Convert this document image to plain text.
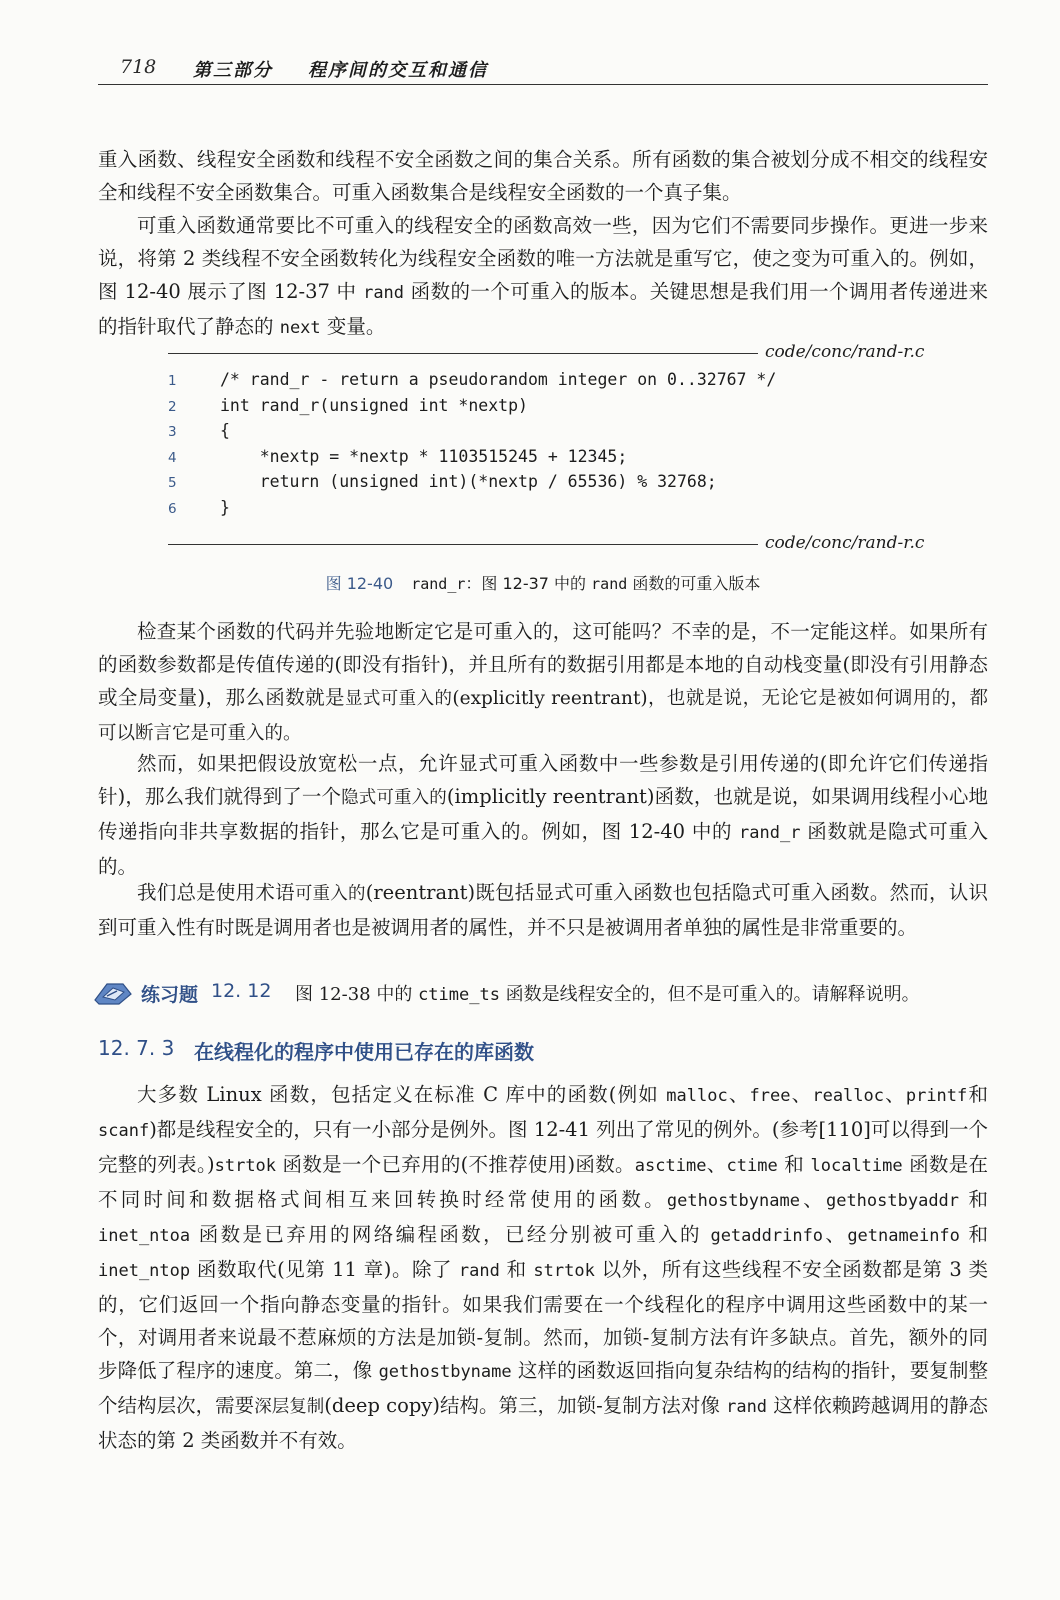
718 第三部分 程序间的交互和通信

重入函数、线程安全函数和线程不安全函数之间的集合关系。所有函数的集合被划分成不相交的线程安全和线程不安全函数集合。可重入函数集合是线程安全函数的一个真子集。

可重入函数通常要比不可重入的线程安全的函数高效一些，因为它们不需要同步操作。更进一步来说，将第 2 类线程不安全函数转化为线程安全函数的唯一方法就是重写它，使之变为可重入的。例如，图 12-40 展示了图 12-37 中 rand 函数的一个可重入的版本。关键思想是我们用一个调用者传递进来的指针取代了静态的 next 变量。

code/conc/rand-r.c
1	/* rand_r - return a pseudorandom integer on 0..32767 */
2	int rand_r(unsigned int *nextp)
3	{
4	*nextp = *nextp * 1103515245 + 12345;
5	return (unsigned int)(*nextp / 65536) % 32768;
6	}
code/conc/rand-r.c
图 12-40 rand_r：图 12-37 中的 rand 函数的可重入版本

检查某个函数的代码并先验地断定它是可重入的，这可能吗？不幸的是，不一定能这样。如果所有的函数参数都是传值传递的(即没有指针)，并且所有的数据引用都是本地的自动栈变量(即没有引用静态或全局变量)，那么函数就是显式可重入的(explicitly reentrant)，也就是说，无论它是被如何调用的，都可以断言它是可重入的。

然而，如果把假设放宽松一点，允许显式可重入函数中一些参数是引用传递的(即允许它们传递指针)，那么我们就得到了一个隐式可重入的(implicitly reentrant)函数，也就是说，如果调用线程小心地传递指向非共享数据的指针，那么它是可重入的。例如，图 12-40 中的 rand_r 函数就是隐式可重入的。

我们总是使用术语可重入的(reentrant)既包括显式可重入函数也包括隐式可重入函数。然而，认识到可重入性有时既是调用者也是被调用者的属性，并不只是被调用者单独的属性是非常重要的。

练习题 12. 12 图 12-38 中的 ctime_ts 函数是线程安全的，但不是可重入的。请解释说明。
12. 7. 3 在线程化的程序中使用已存在的库函数

大多数 Linux 函数，包括定义在标准 C 库中的函数(例如 malloc、free、realloc、printf和 scanf)都是线程安全的，只有一小部分是例外。图 12-41 列出了常见的例外。(参考[110]可以得到一个完整的列表。)strtok 函数是一个已弃用的(不推荐使用)函数。asctime、ctime 和 localtime 函数是在不同时间和数据格式间相互来回转换时经常使用的函数。gethostbyname、gethostbyaddr 和 inet_ntoa 函数是已弃用的网络编程函数，已经分别被可重入的 getaddrinfo、getnameinfo 和 inet_ntop 函数取代(见第 11 章)。除了 rand 和 strtok 以外，所有这些线程不安全函数都是第 3 类的，它们返回一个指向静态变量的指针。如果我们需要在一个线程化的程序中调用这些函数中的某一个，对调用者来说最不惹麻烦的方法是加锁-复制。然而，加锁-复制方法有许多缺点。首先，额外的同步降低了程序的速度。第二，像 gethostbyname 这样的函数返回指向复杂结构的结构的指针，要复制整个结构层次，需要深层复制(deep copy)结构。第三，加锁-复制方法对像 rand 这样依赖跨越调用的静态状态的第 2 类函数并不有效。
